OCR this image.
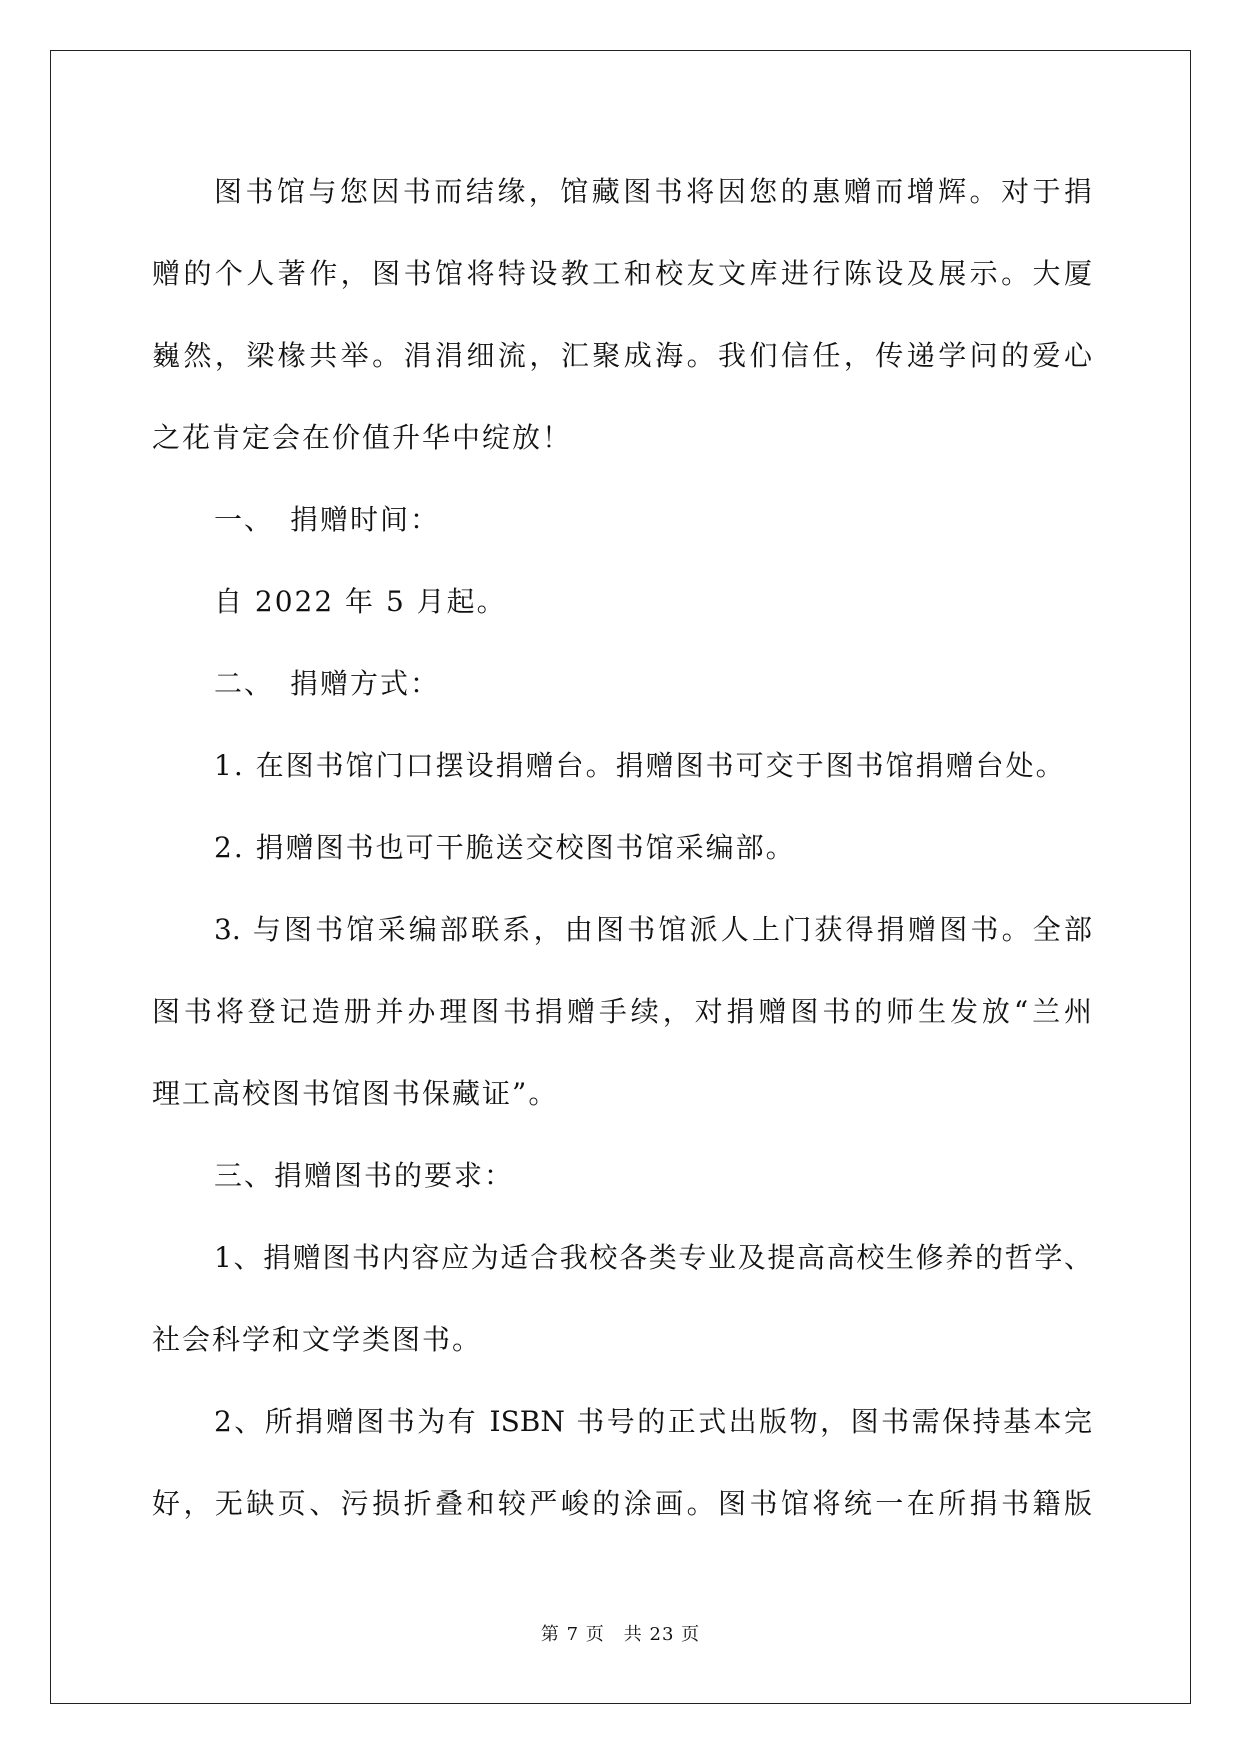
图书馆与您因书而结缘，馆藏图书将因您的惠赠而增辉。对于捐
赠的个人著作，图书馆将特设教工和校友文库进行陈设及展示。大厦
巍然，梁椽共举。涓涓细流，汇聚成海。我们信任，传递学问的爱心
之花肯定会在价值升华中绽放！
一、　捐赠时间：
自 2022 年 5 月起。
二、　捐赠方式：
1. 在图书馆门口摆设捐赠台。捐赠图书可交于图书馆捐赠台处。
2. 捐赠图书也可干脆送交校图书馆采编部。
3. 与图书馆采编部联系，由图书馆派人上门获得捐赠图书。全部
图书将登记造册并办理图书捐赠手续，对捐赠图书的师生发放“兰州
理工高校图书馆图书保藏证”。
三、捐赠图书的要求：
1、捐赠图书内容应为适合我校各类专业及提高高校生修养的哲学、
社会科学和文学类图书。
2、所捐赠图书为有 ISBN 书号的正式出版物，图书需保持基本完
好，无缺页、污损折叠和较严峻的涂画。图书馆将统一在所捐书籍版
第 7 页　共 23 页
